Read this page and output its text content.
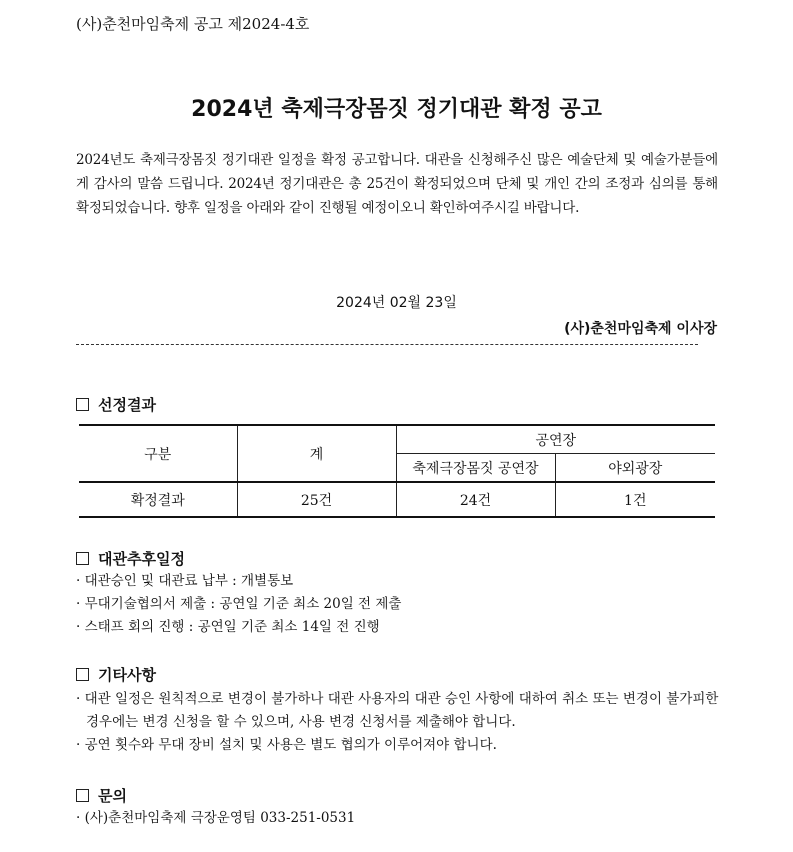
(사)춘천마임축제 공고 제2024-4호
2024년 축제극장몸짓 정기대관 확정 공고
2024년도 축제극장몸짓 정기대관 일정을 확정 공고합니다. 대관을 신청해주신 많은 예술단체 및 예술가분들에게 감사의 말씀 드립니다. 2024년 정기대관은 총 25건이 확정되었으며 단체 및 개인 간의 조정과 심의를 통해 확정되었습니다. 향후 일정을 아래와 같이 진행될 예정이오니 확인하여주시길 바랍니다.
2024년 02월 23일
(사)춘천마임축제 이사장
선정결과
구분	계	공연장	
		축제극장몸짓 공연장	야외광장
확정결과	25건	24건	1건
대관추후일정
· 대관승인 및 대관료 납부 : 개별통보
· 무대기술협의서 제출 : 공연일 기준 최소 20일 전 제출
· 스태프 회의 진행 : 공연일 기준 최소 14일 전 진행
기타사항
· 대관 일정은 원칙적으로 변경이 불가하나 대관 사용자의 대관 승인 사항에 대하여 취소 또는 변경이 불가피한 경우에는 변경 신청을 할 수 있으며, 사용 변경 신청서를 제출해야 합니다.
· 공연 횟수와 무대 장비 설치 및 사용은 별도 협의가 이루어져야 합니다.
문의
· (사)춘천마임축제 극장운영팀 033-251-0531
